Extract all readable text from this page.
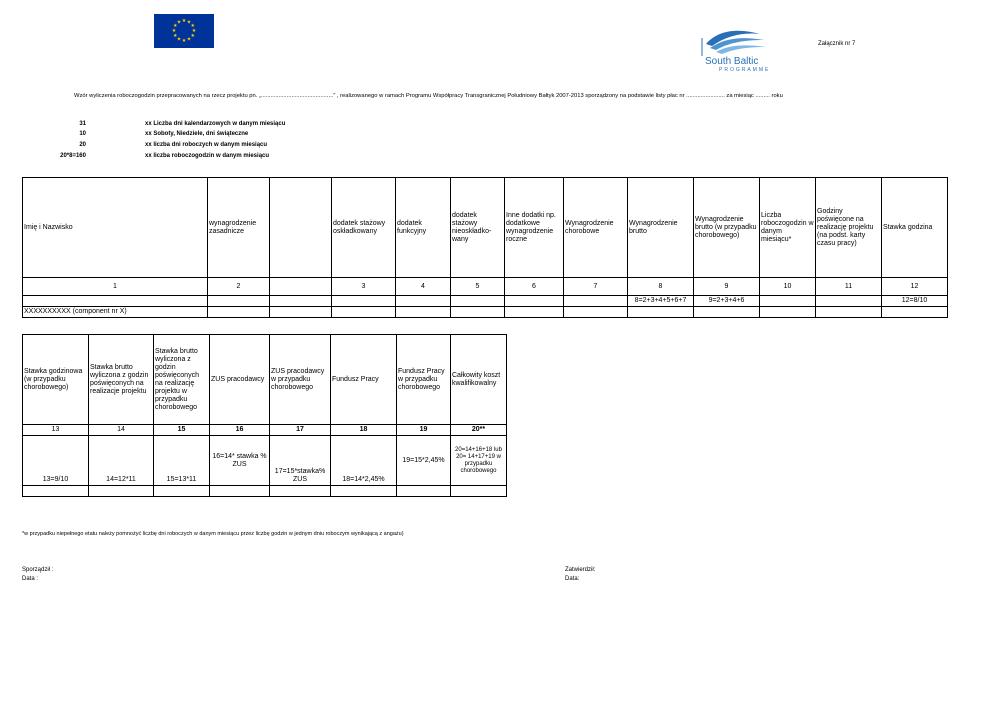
★ ★
★
★
★
★
★
★
★
★
★
★
South Baltic
PROGRAMME
Załącznik nr 7
Wzór wyliczenia roboczogodzin przepracowanych na rzecz projektu pn. „.............................................” , realizowanego w ramach Programu Współpracy Transgranicznej Południowy Bałtyk 2007-2013 sporządzony na podstawie listy płac nr ........................ za miesiąc ......... roku
31	xx Liczba dni kalendarzowych w danym miesiącu
10	xx Soboty, Niedziele, dni świąteczne
20	xx liczba dni roboczych w danym miesiącu
20*8=160	xx liczba roboczogodzin w danym miesiącu
Imię i Nazwisko	wynagrodzenie zasadnicze		dodatek stażowy oskładkowany	dodatek funkcyjny	dodatek stażowy nieoskładko-wany	Inne dodatki np. dodatkowe wynagrodzenie roczne	Wynagrodzenie chorobowe	Wynagrodzenie brutto	Wynagrodzenie brutto (w przypadku chorobowego)	Liczba roboczogodzin w danym miesiącu*	Godziny poświęcone na realizację projektu (na podst. karty czasu pracy)	Stawka godzina
1	2		3	4	5	6	7	8	9	10	11	12
								8=2+3+4+5+6+7	9=2+3+4+6			12=8/10
XXXXXXXXXX (component nr X)												
Stawka godzinowa (w przypadku chorobowego)	Stawka brutto wyliczona z godzin poświęconych na realizacje projektu	Stawka brutto wyliczona z godzin poświęconych na realizację projektu w przypadku chorobowego	ZUS pracodawcy	ZUS pracodawcy w przypadku chorobowego	Fundusz Pracy	Fundusz Pracy w przypadku chorobowego	Całkowity koszt kwalifikowalny
13	14	15	16	17	18	19	20**
13=9/10	14=12*11	15=13*11	16=14* stawka % ZUS	17=15*stawka% ZUS	18=14*2,45%	19=15*2,45%	20=14+16+18 lub 20= 14+17+19 w przypadku chorobowego

*w przypadku niepełnego etatu należy pomnożyć liczbę dni roboczych w danym miesiącu przez liczbę godzin w jednym dniu roboczym wynikającą z angażu)
Sporządził :
Data :
Zatwierdził:
Data:
